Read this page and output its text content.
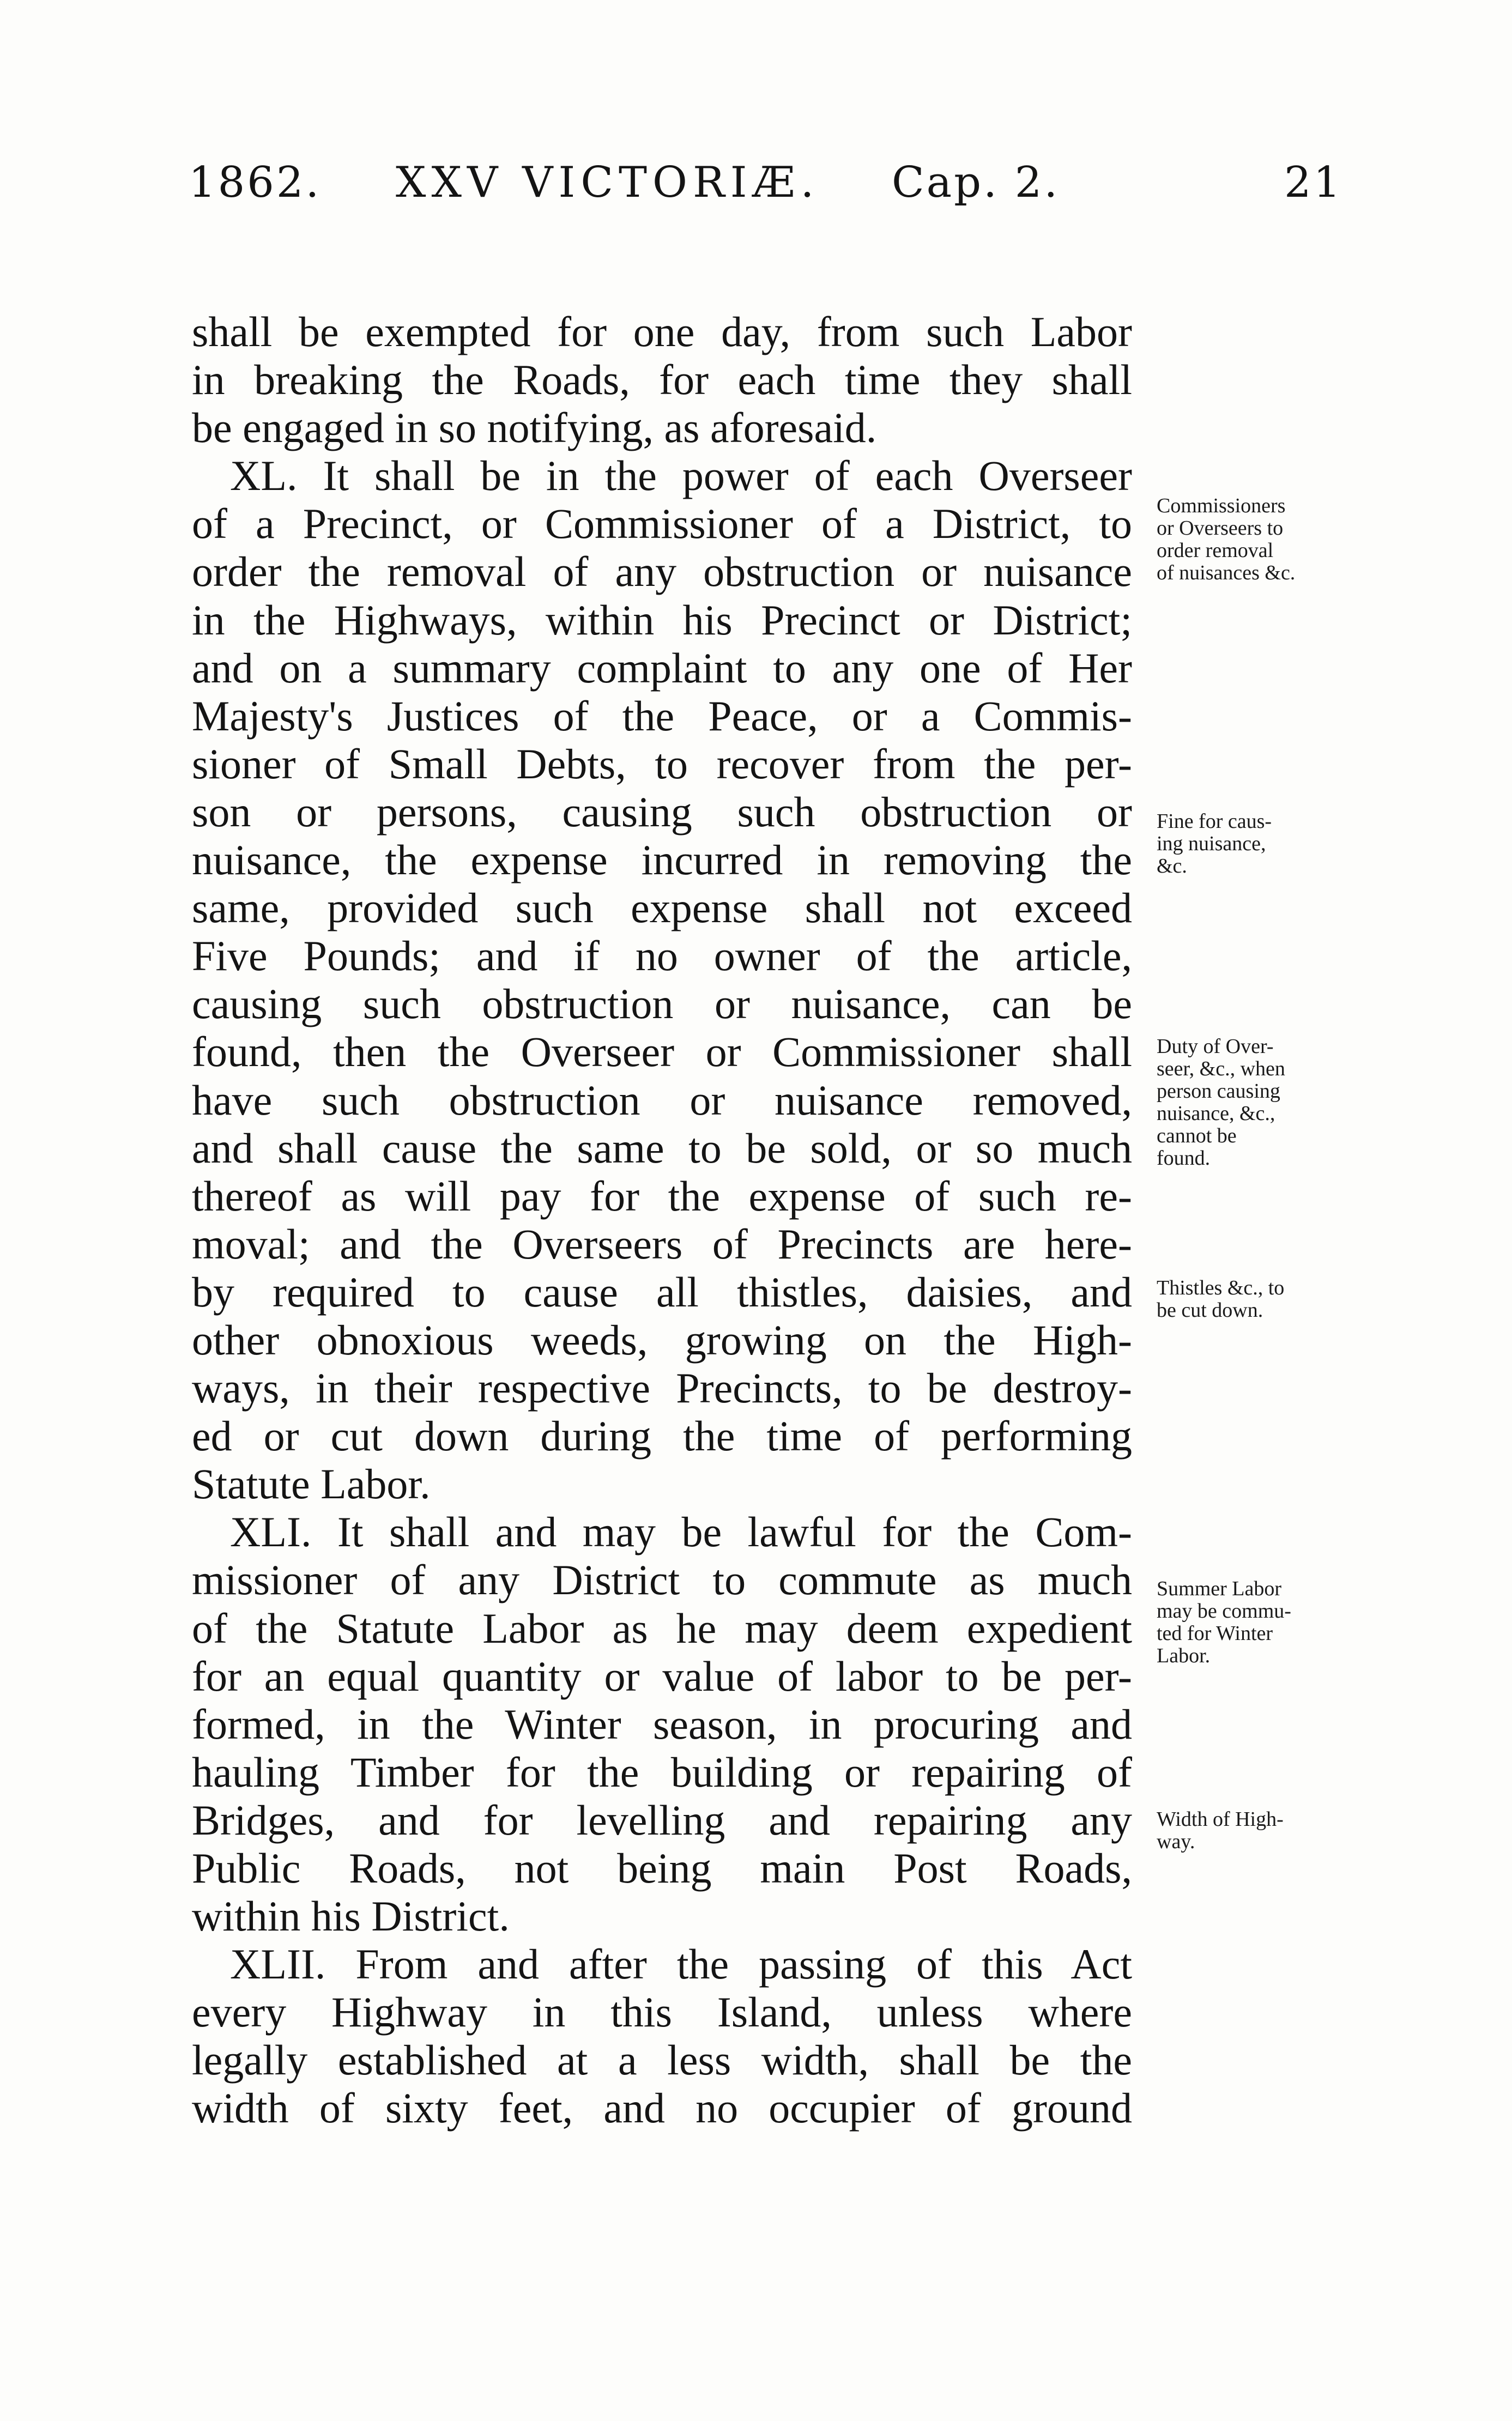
1862. XXV VICTORIÆ. Cap. 2.	21
shall be exempted for one day, from such Labor
in breaking the Roads, for each time they shall
be engaged in so notifying, as aforesaid.
XL. It shall be in the power of each Overseer
of a Precinct, or Commissioner of a District, to
order the removal of any obstruction or nuisance
in the Highways, within his Precinct or District;
and on a summary complaint to any one of Her
Majesty's Justices of the Peace, or a Commis-
sioner of Small Debts, to recover from the per-
son or persons, causing such obstruction or
nuisance, the expense incurred in removing the
same, provided such expense shall not exceed
Five Pounds; and if no owner of the article,
causing such obstruction or nuisance, can be
found, then the Overseer or Commissioner shall
have such obstruction or nuisance removed,
and shall cause the same to be sold, or so much
thereof as will pay for the expense of such re-
moval; and the Overseers of Precincts are here-
by required to cause all thistles, daisies, and
other obnoxious weeds, growing on the High-
ways, in their respective Precincts, to be destroy-
ed or cut down during the time of performing
Statute Labor.
XLI. It shall and may be lawful for the Com-
missioner of any District to commute as much
of the Statute Labor as he may deem expedient
for an equal quantity or value of labor to be per-
formed, in the Winter season, in procuring and
hauling Timber for the building or repairing of
Bridges, and for levelling and repairing any
Public Roads, not being main Post Roads,
within his District.
XLII. From and after the passing of this Act
every Highway in this Island, unless where
legally established at a less width, shall be the
width of sixty feet, and no occupier of ground
Commissioners
or Overseers to
order removal
of nuisances &c.
Fine for caus-
ing nuisance,
&c.
Duty of Over-
seer, &c., when
person causing
nuisance, &c.,
cannot be
found.
Thistles &c., to
be cut down.
Summer Labor
may be commu-
ted for Winter
Labor.
Width of High-
way.
